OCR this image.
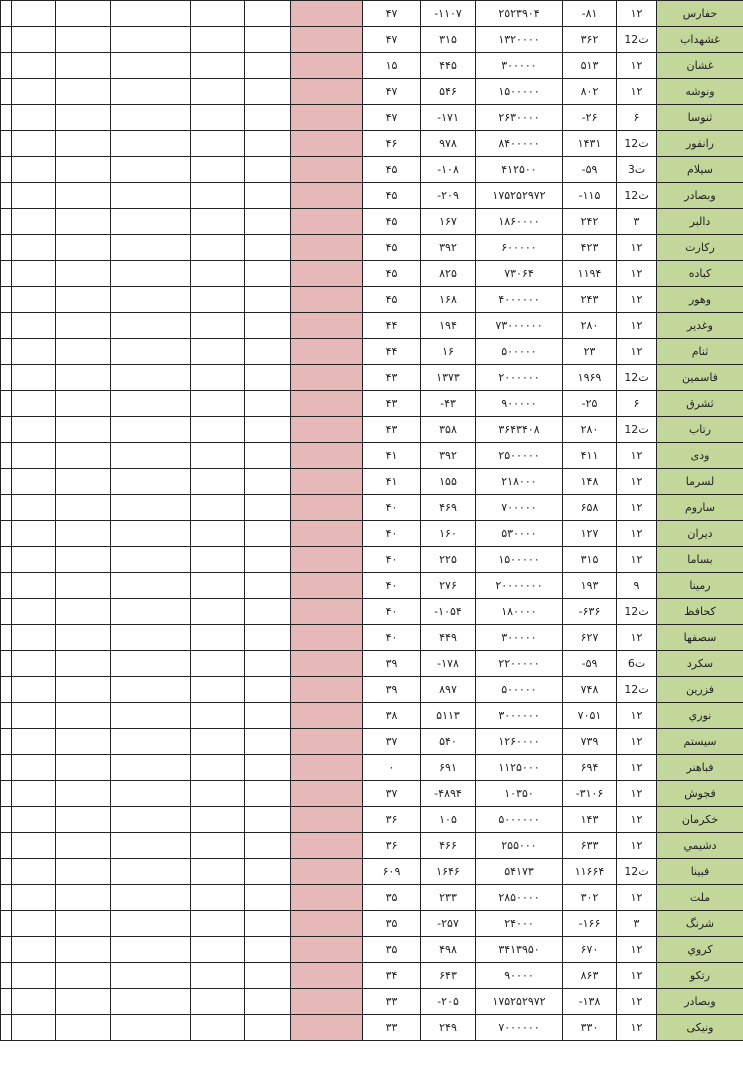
							۴٧	-١١٠٧	٢٥٢٣٩٠۴	-٨١	١٢	حفارس
							۴٧	٣١۵	١٣٢٠٠٠٠	٣۶٢	12ت	غشهداب
							١۵	۴۴۵	٣٠٠٠٠٠	۵١٣	١٢	غشان
							۴٧	۵۴۶	١۵٠٠٠٠٠	٨٠٢	١٢	ونوشه
							۴٧	-١٧١	٢۶٣٠٠٠٠	-٢۶	۶	ثنوسا
							۴۶	٩٧٨	٨۴٠٠٠٠٠	١۴٣١	12ت	رانفور
							۴۵	-١٠٨	۴١٢۵٠٠	-۵٩	3ت	سیلام
							۴۵	-٢٠٩	١٧۵٢۵٢٩٧٢	-١١۵	12ت	وبصادر
							۴۵	١۶٧	١٨۶٠٠٠٠	٢۴٢	٣	دالبر
							۴۵	٣٩٢	۶٠٠٠٠٠	۴٢٣	١٢	رکارت
							۴۵	٨٢۵	٧٣٠۶۴	١١٩۴	١٢	کباده
							۴۵	١۶٨	۴٠٠٠٠٠٠	٢۴٣	١٢	وهور
							۴۴	١٩۴	٧٣٠٠٠٠٠٠	٢٨٠	١٢	وغدیر
							۴۴	١۶	۵٠٠٠٠٠	٢٣	١٢	ثنام
							۴٣	١٣٧٣	٢٠٠٠٠٠٠	١٩۶٩	12ت	فاسمین
							۴٣	-۴٣	٩٠٠٠٠٠	-٢۵	۶	ثشرق
							۴٣	٣۵٨	٣۶۴٣۴٠٨	٢٨٠	12ت	رتاب
							۴١	٣٩٢	٢۵٠٠٠٠٠	۴١١	١٢	ودی
							۴١	١۵۵	٢١٨٠٠٠	١۴٨	١٢	لسرما
							۴٠	۴۶٩	٧٠٠٠٠٠	۶۵٨	١٢	ساروم
							۴٠	١۶٠	۵٣٠٠٠٠	١٢٧	١٢	دیران
							۴٠	٢٢۵	١۵٠٠٠٠٠	٣١۵	١٢	بساما
							۴٠	٢٧۶	٢٠٠٠٠٠٠٠	١٩٣	٩	رمینا
							۴٠	-١٠۵۴	١٨٠٠٠٠	-۶٣۶	12ت	کحافظ
							۴٠	۴۴٩	٣٠٠٠٠٠	۶٢٧	١٢	سصفها
							٣٩	-١٧٨	٢٢٠٠٠٠٠	-۵٩	6ت	سکرد
							٣٩	٨٩٧	۵٠٠٠٠٠	٧۴٨	12ت	فزرین
							٣٨	۵١١٣	٣٠٠٠٠٠٠	٧٠۵١	١٢	نوري
							٣٧	۵۴٠	١٢۶٠٠٠٠	٧٣٩	١٢	سیستم
							٠	۶٩١	١١٢۵٠٠٠	۶٩۴	١٢	فباهنر
							٣٧	-۴٨٩۴	١٠٣۵٠	-٣١٠۶	١٢	فجوش
							٣۶	١٠۵	۵٠٠٠٠٠٠	١۴٣	١٢	خکرمان
							٣۶	۴۶۶	٢۵۵٠٠٠	۶٣٣	١٢	دشیمي
							۶٠٩	١۶۴۶	۵۴١٧٣	١١۶۶۴	12ت	فبینا
							٣۵	٢٣٣	٢٨۵٠٠٠٠	٣٠٢	١٢	ملت
							٣۵	-٢۵٧	٢۴٠٠٠	-١۶۶	٣	شرنگ
							٣۵	۴٩٨	٣۴١٣٩۵٠	۶٧٠	١٢	کروي
							٣۴	۶۴٣	٩٠٠٠٠	٨۶٣	١٢	رتکو
							٣٣	-٢٠۵	١٧۵٢۵٢٩٧٢	-١٣٨	١٢	وبصادر
							٣٣	٢۴٩	٧٠٠٠٠٠٠	٣٣٠	١٢	ونیکی
